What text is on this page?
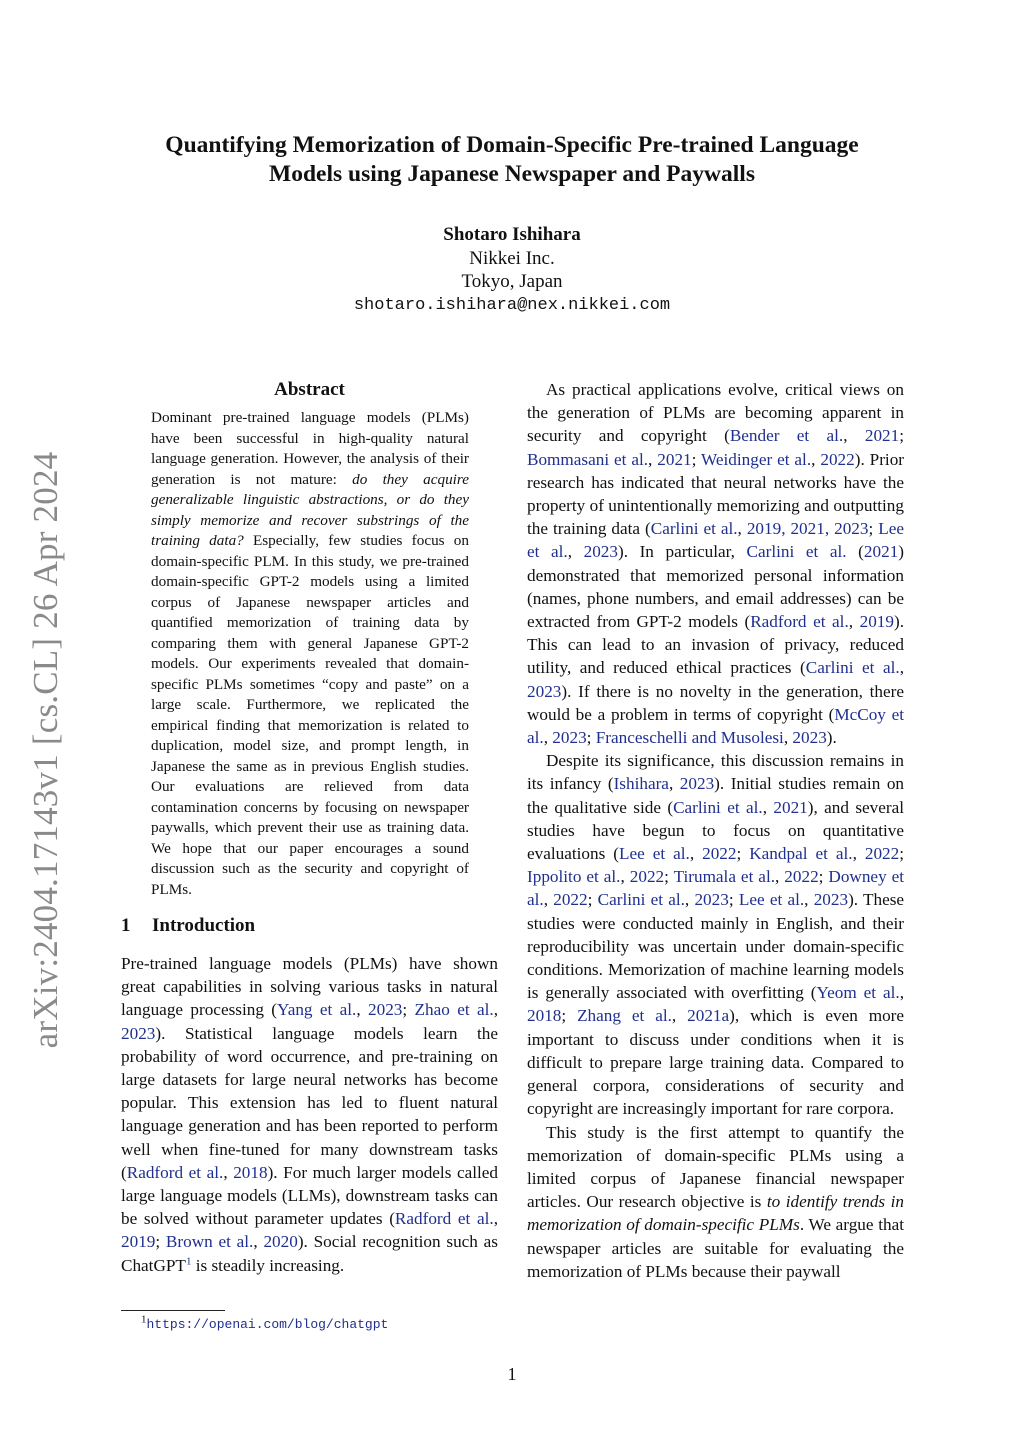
arXiv:2404.17143v1 [cs.CL] 26 Apr 2024
Quantifying Memorization of Domain-Specific Pre-trained Language
Models using Japanese Newspaper and Paywalls
Shotaro Ishihara
Nikkei Inc.
Tokyo, Japan
shotaro.ishihara@nex.nikkei.com
Abstract
Dominant pre-trained language models (PLMs) have been successful in high-quality natural language generation. However, the analysis of their generation is not mature: do they acquire generalizable linguistic abstractions, or do they simply memorize and recover substrings of the training data? Especially, few studies focus on domain-specific PLM. In this study, we pre-trained domain-specific GPT-2 models using a limited corpus of Japanese newspaper articles and quantified memorization of training data by comparing them with general Japanese GPT-2 models. Our experiments revealed that domain-specific PLMs sometimes “copy and paste” on a large scale. Furthermore, we replicated the empirical finding that memorization is related to duplication, model size, and prompt length, in Japanese the same as in previous English studies. Our evaluations are relieved from data contamination concerns by focusing on newspaper paywalls, which prevent their use as training data. We hope that our paper encourages a sound discussion such as the security and copyright of PLMs.
1 Introduction

Pre-trained language models (PLMs) have shown great capabilities in solving various tasks in natural language processing (Yang et al., 2023; Zhao et al., 2023). Statistical language models learn the probability of word occurrence, and pre-training on large datasets for large neural networks has become popular. This extension has led to fluent natural language generation and has been reported to perform well when fine-tuned for many downstream tasks (Radford et al., 2018). For much larger models called large language models (LLMs), downstream tasks can be solved without parameter updates (Radford et al., 2019; Brown et al., 2020). Social recognition such as ChatGPT$^1$ is steadily increasing.

As practical applications evolve, critical views on the generation of PLMs are becoming apparent in security and copyright (Bender et al., 2021; Bommasani et al., 2021; Weidinger et al., 2022). Prior research has indicated that neural networks have the property of unintentionally memorizing and outputting the training data (Carlini et al., 2019, 2021, 2023; Lee et al., 2023). In particular, Carlini et al. (2021) demonstrated that memorized personal information (names, phone numbers, and email addresses) can be extracted from GPT-2 models (Radford et al., 2019). This can lead to an invasion of privacy, reduced utility, and reduced ethical practices (Carlini et al., 2023). If there is no novelty in the generation, there would be a problem in terms of copyright (McCoy et al., 2023; Franceschelli and Musolesi, 2023).

Despite its significance, this discussion remains in its infancy (Ishihara, 2023). Initial studies remain on the qualitative side (Carlini et al., 2021), and several studies have begun to focus on quantitative evaluations (Lee et al., 2022; Kandpal et al., 2022; Ippolito et al., 2022; Tirumala et al., 2022; Downey et al., 2022; Carlini et al., 2023; Lee et al., 2023). These studies were conducted mainly in English, and their reproducibility was uncertain under domain-specific conditions. Memorization of machine learning models is generally associated with overfitting (Yeom et al., 2018; Zhang et al., 2021a), which is even more important to discuss under conditions when it is difficult to prepare large training data. Compared to general corpora, considerations of security and copyright are increasingly important for rare corpora.

This study is the first attempt to quantify the memorization of domain-specific PLMs using a limited corpus of Japanese financial newspaper articles. Our research objective is to identify trends in memorization of domain-specific PLMs. We argue that newspaper articles are suitable for evaluating the memorization of PLMs because their paywall

$^1$https://openai.com/blog/chatgpt
1
